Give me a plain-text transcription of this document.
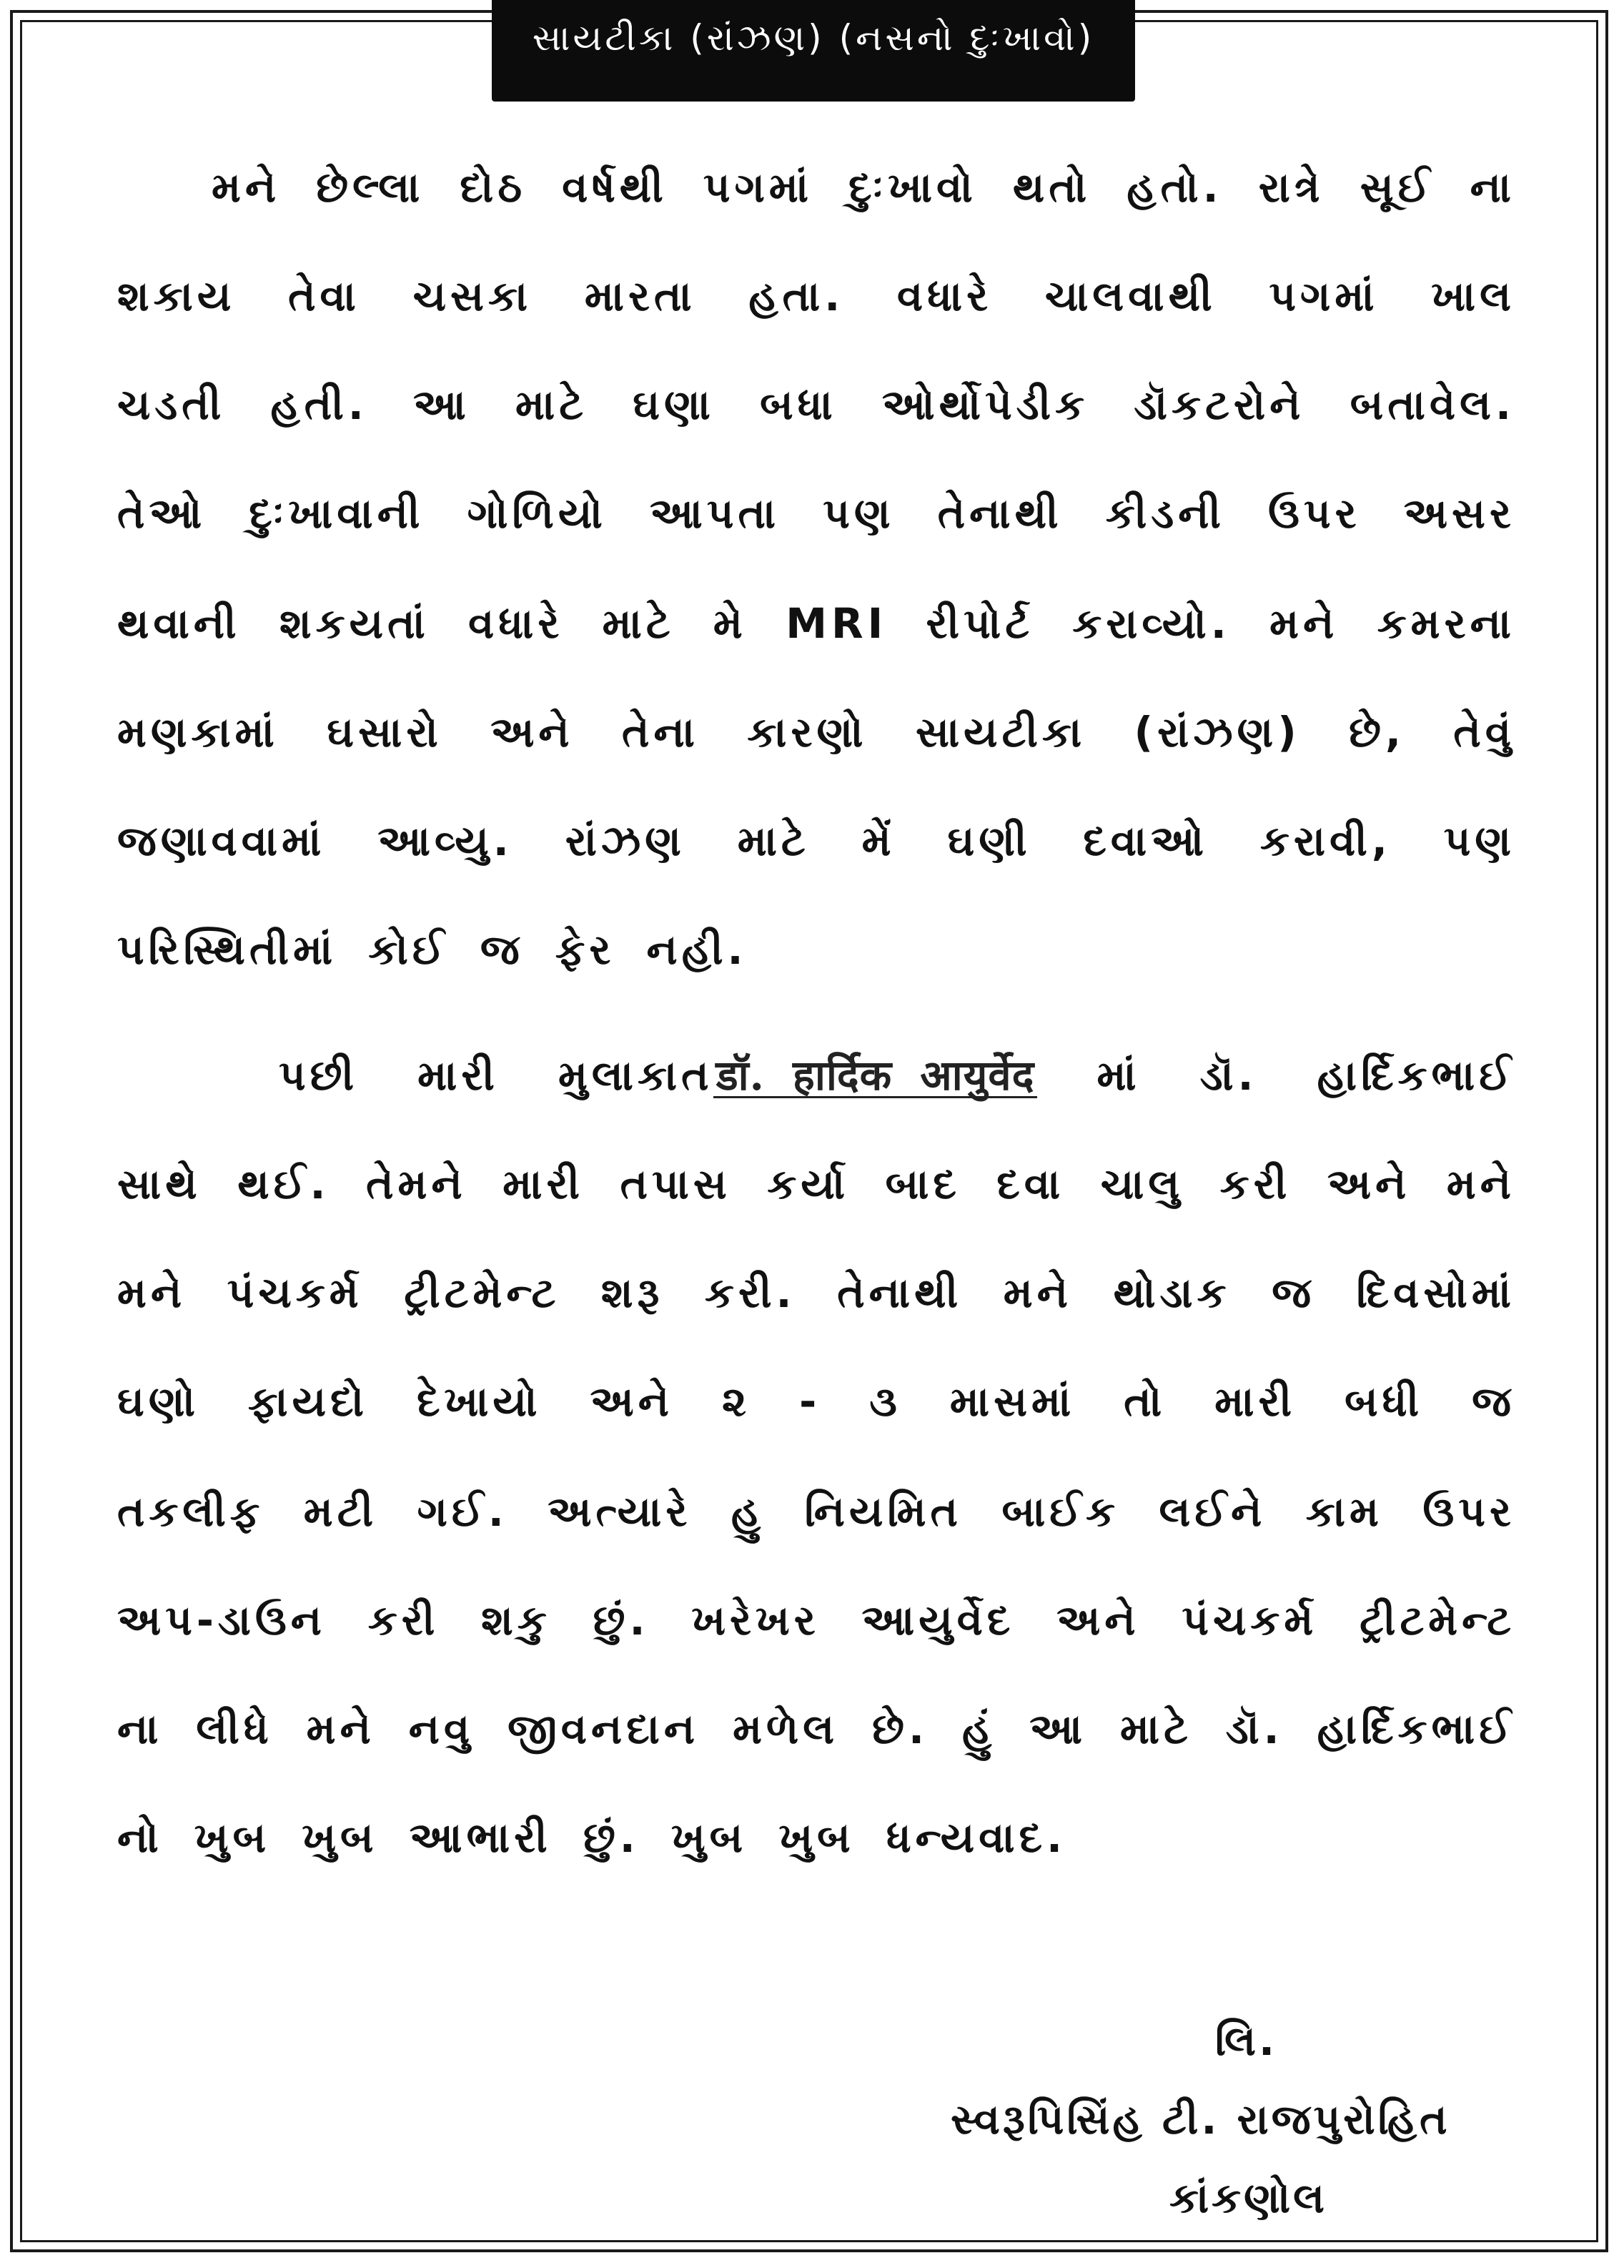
સાયટીકા (રાંઝણ) (નસનો દુઃખાવો)
મને છેલ્લા દોઠ વર્ષથી પગમાં દુઃખાવો થતો હતો. રાત્રે સૂઈ ના
શકાય તેવા ચસકા મારતા હતા. વધારે ચાલવાથી પગમાં ખાલ
ચડતી હતી. આ માટે ઘણા બધા ઓર્થોપેડીક ડૉકટરોને બતાવેલ.
તેઓ દુઃખાવાની ગોળિયો આપતા પણ તેનાથી કીડની ઉપર અસર
થવાની શકયતાં વધારે માટે મે MRI રીપોર્ટ કરાવ્યો. મને કમરના
મણકામાં ઘસારો અને તેના કારણો સાયટીકા (રાંઝણ) છે, તેવું
જણાવવામાં આવ્યુ. રાંઝણ માટે મેં ઘણી દવાઓ કરાવી, પણ
પરિસ્થિતીમાં કોઈ જ ફેર નહી.
પછી મારી મુલાકાતडॉ. हार्दिक आयुर्वेद માં ડૉ. હાર્દિકભાઈ
સાથે થઈ. તેમને મારી તપાસ કર્યા બાદ દવા ચાલુ કરી અને મને
મને પંચકર્મ ટ્રીટમેન્ટ શરૂ કરી. તેનાથી મને થોડાક જ દિવસોમાં
ઘણો ફાયદો દેખાયો અને ૨ - ૩ માસમાં તો મારી બધી જ
તકલીફ મટી ગઈ. અત્યારે હુ નિયમિત બાઈક લઈને કામ ઉપર
અપ-ડાઉન કરી શકુ છું. ખરેખર આયુર્વેદ અને પંચકર્મ ટ્રીટમેન્ટ
ના લીધે મને નવુ જીવનદાન મળેલ છે. હું આ માટે ડૉ. હાર્દિકભાઈ
નો ખુબ ખુબ આભારી છું. ખુબ ખુબ ધન્યવાદ.
લિ.
સ્વરૂપિસિંહ ટી. રાજપુરોહિત
કાંકણોલ
